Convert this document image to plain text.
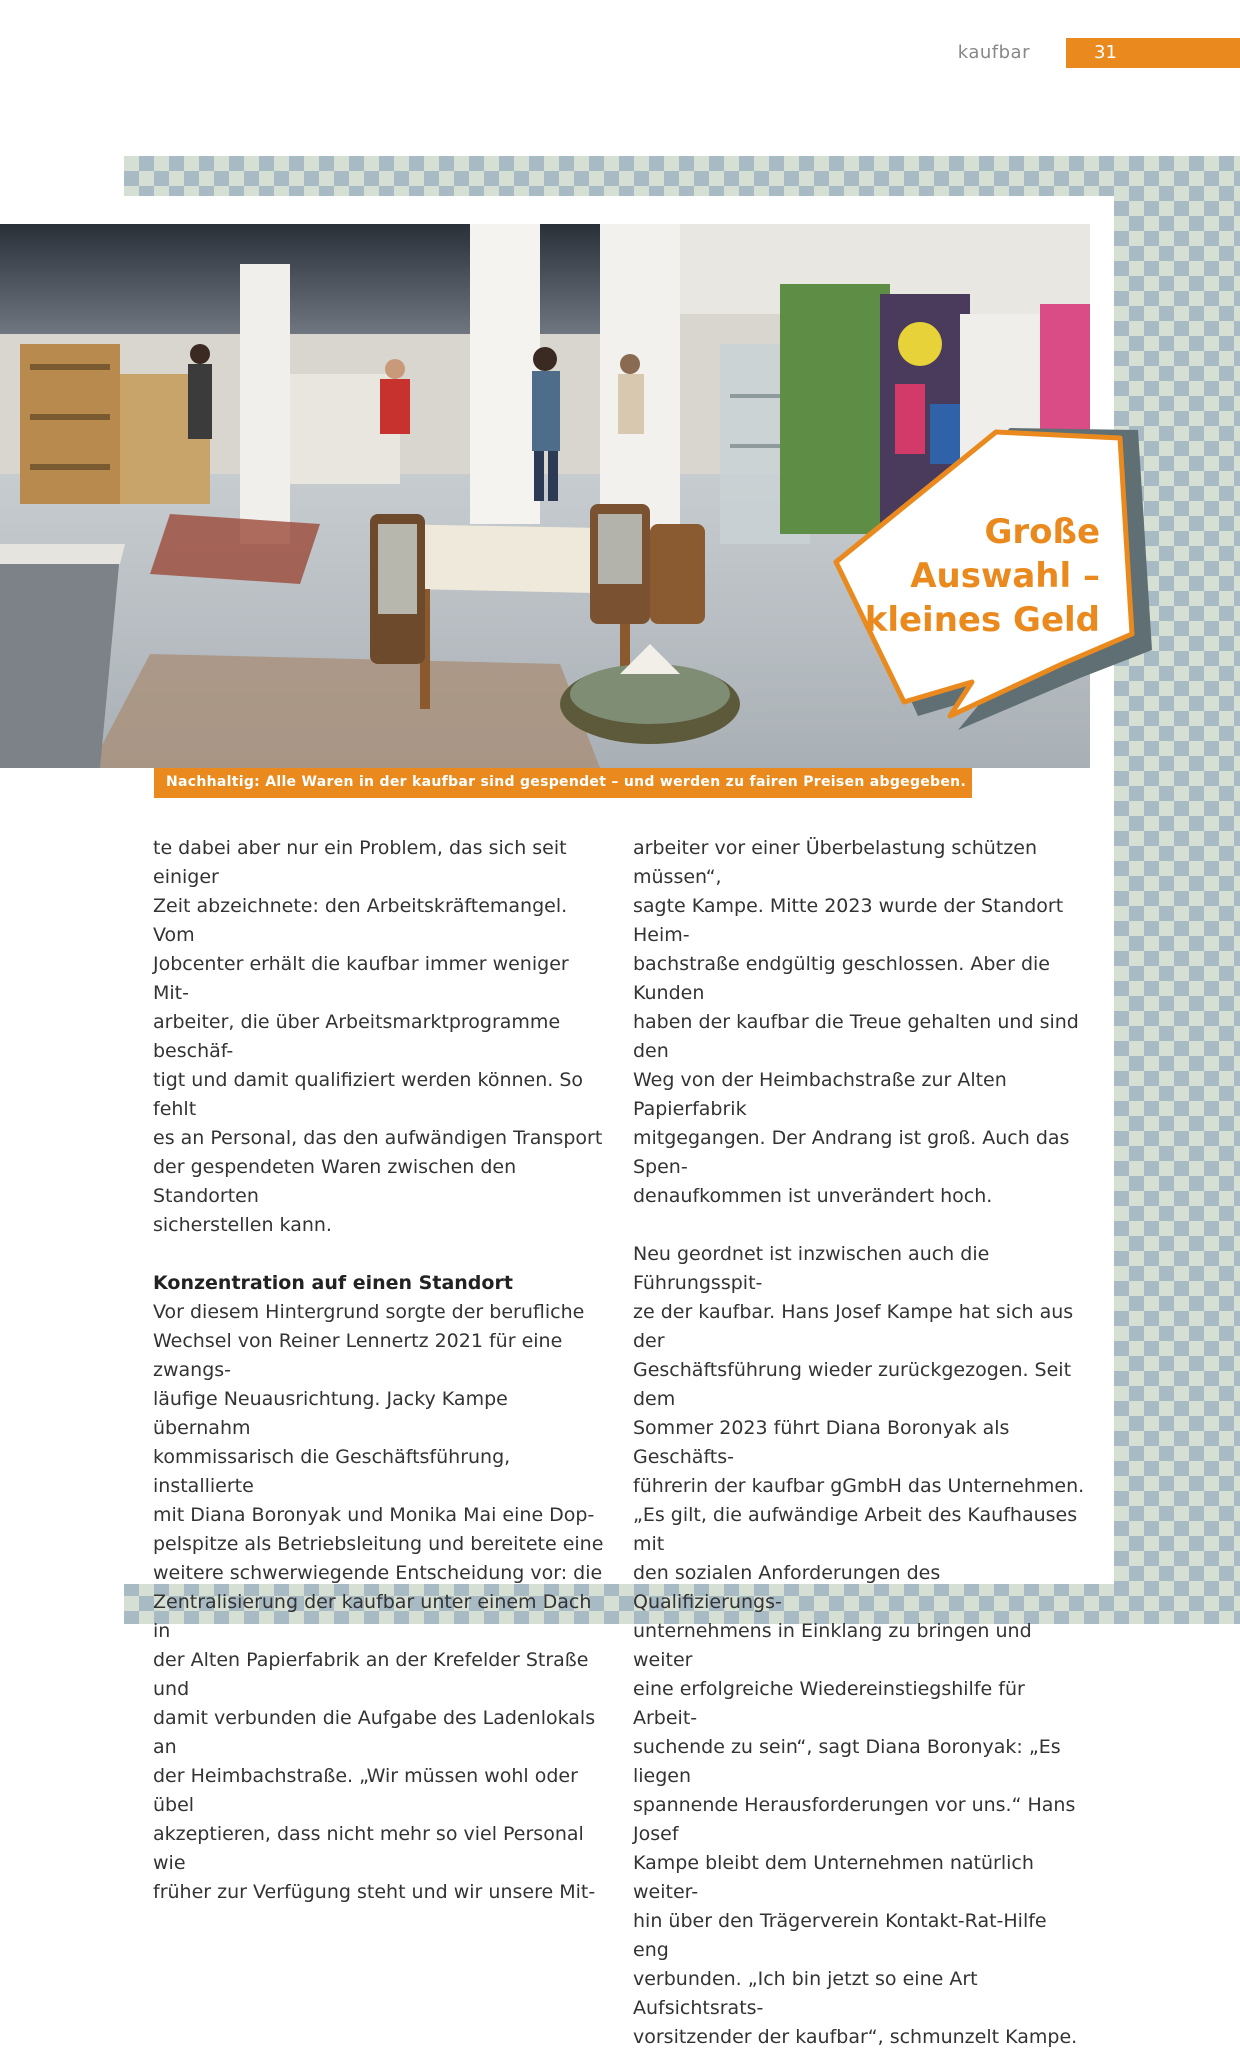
kaufbar	31
Große
Auswahl –
kleines Geld
Nachhaltig: Alle Waren in der kaufbar sind gespendet – und werden zu fairen Preisen abgegeben.

te dabei aber nur ein Problem, das sich seit einiger
Zeit abzeichnete: den Arbeitskräftemangel. Vom
Jobcenter erhält die kaufbar immer weniger Mit-
arbeiter, die über Arbeitsmarktprogramme beschäf-
tigt und damit qualifiziert werden können. So fehlt
es an Personal, das den aufwändigen Transport
der gespendeten Waren zwischen den Standorten
sicherstellen kann.

Konzentration auf einen Standort

Vor diesem Hintergrund sorgte der berufliche
Wechsel von Reiner Lennertz 2021 für eine zwangs-
läufige Neuausrichtung. Jacky Kampe übernahm
kommissarisch die Geschäftsführung, installierte
mit Diana Boronyak und Monika Mai eine Dop-
pelspitze als Betriebsleitung und bereitete eine
weitere schwerwiegende Entscheidung vor: die
Zentralisierung der kaufbar unter einem Dach in
der Alten Papierfabrik an der Krefelder Straße und
damit verbunden die Aufgabe des Ladenlokals an
der Heimbachstraße. „Wir müssen wohl oder übel
akzeptieren, dass nicht mehr so viel Personal wie
früher zur Verfügung steht und wir unsere Mit-

arbeiter vor einer Überbelastung schützen müssen“,
sagte Kampe. Mitte 2023 wurde der Standort Heim-
bachstraße endgültig geschlossen. Aber die Kunden
haben der kaufbar die Treue gehalten und sind den
Weg von der Heimbachstraße zur Alten Papierfabrik
mitgegangen. Der Andrang ist groß. Auch das Spen-
denaufkommen ist unverändert hoch.

Neu geordnet ist inzwischen auch die Führungsspit-
ze der kaufbar. Hans Josef Kampe hat sich aus der
Geschäftsführung wieder zurückgezogen. Seit dem
Sommer 2023 führt Diana Boronyak als Geschäfts-
führerin der kaufbar gGmbH das Unternehmen.
„Es gilt, die aufwändige Arbeit des Kaufhauses mit
den sozialen Anforderungen des Qualifizierungs-
unternehmens in Einklang zu bringen und weiter
eine erfolgreiche Wiedereinstiegshilfe für Arbeit-
suchende zu sein“, sagt Diana Boronyak: „Es liegen
spannende Herausforderungen vor uns.“ Hans Josef
Kampe bleibt dem Unternehmen natürlich weiter-
hin über den Trägerverein Kontakt-Rat-Hilfe eng
verbunden. „Ich bin jetzt so eine Art Aufsichtsrats-
vorsitzender der kaufbar“, schmunzelt Kampe.
